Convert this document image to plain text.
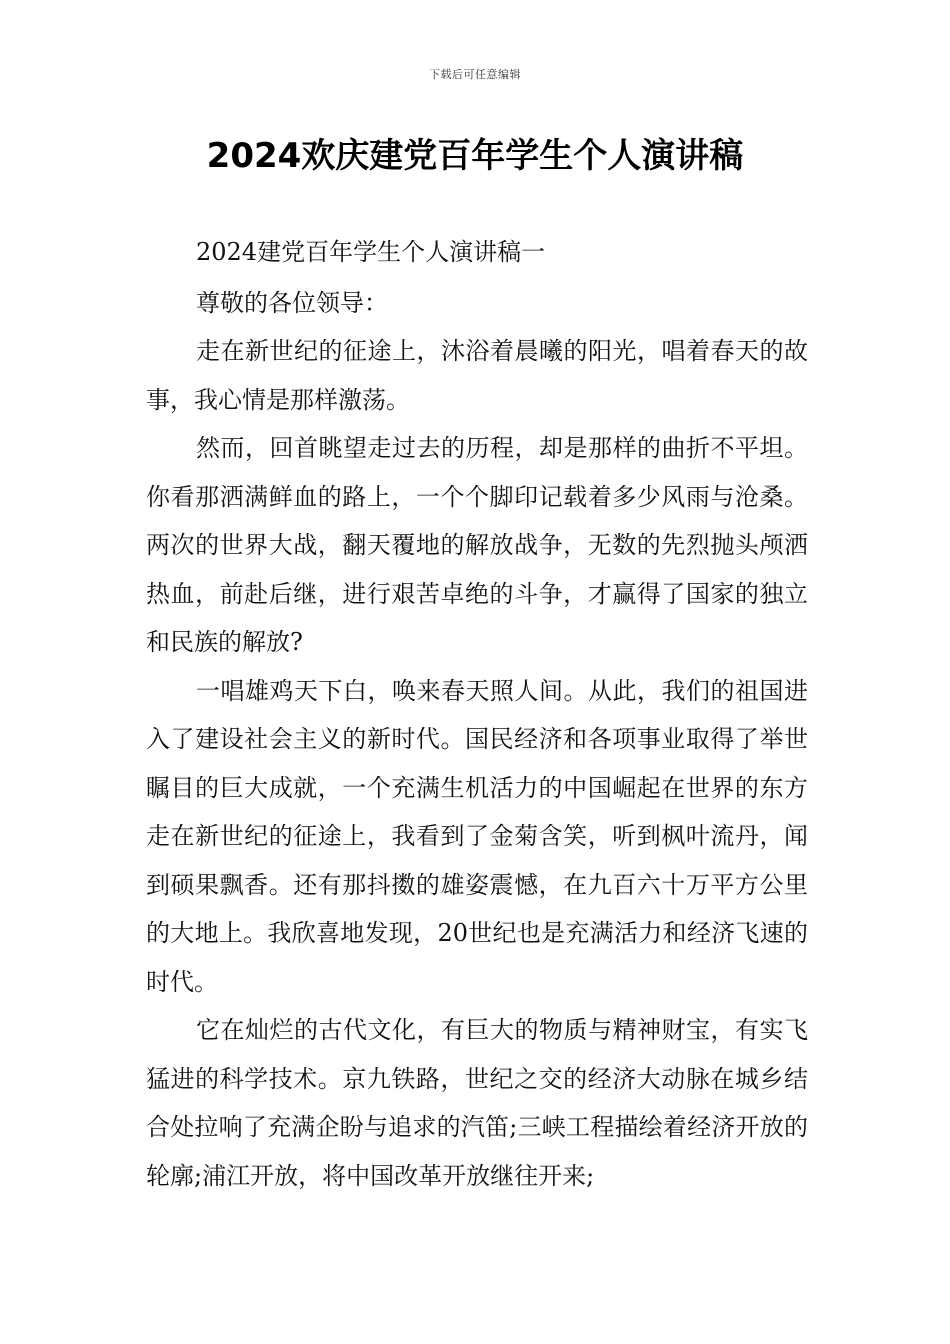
下载后可任意编辑
2024欢庆建党百年学生个人演讲稿

2024建党百年学生个人演讲稿一

尊敬的各位领导：

走在新世纪的征途上，沐浴着晨曦的阳光，唱着春天的故事，我心情是那样激荡。

然而，回首眺望走过去的历程，却是那样的曲折不平坦。你看那洒满鲜血的路上，一个个脚印记载着多少风雨与沧桑。两次的世界大战，翻天覆地的解放战争，无数的先烈抛头颅洒热血，前赴后继，进行艰苦卓绝的斗争，才赢得了国家的独立和民族的解放?

一唱雄鸡天下白，唤来春天照人间。从此，我们的祖国进入了建设社会主义的新时代。国民经济和各项事业取得了举世瞩目的巨大成就，一个充满生机活力的中国崛起在世界的东方走在新世纪的征途上，我看到了金菊含笑，听到枫叶流丹，闻到硕果飘香。还有那抖擞的雄姿震憾，在九百六十万平方公里的大地上。我欣喜地发现，20世纪也是充满活力和经济飞速的时代。

它在灿烂的古代文化，有巨大的物质与精神财宝，有实飞猛进的科学技术。京九铁路，世纪之交的经济大动脉在城乡结合处拉响了充满企盼与追求的汽笛;三峡工程描绘着经济开放的轮廓;浦江开放，将中国改革开放继往开来;
